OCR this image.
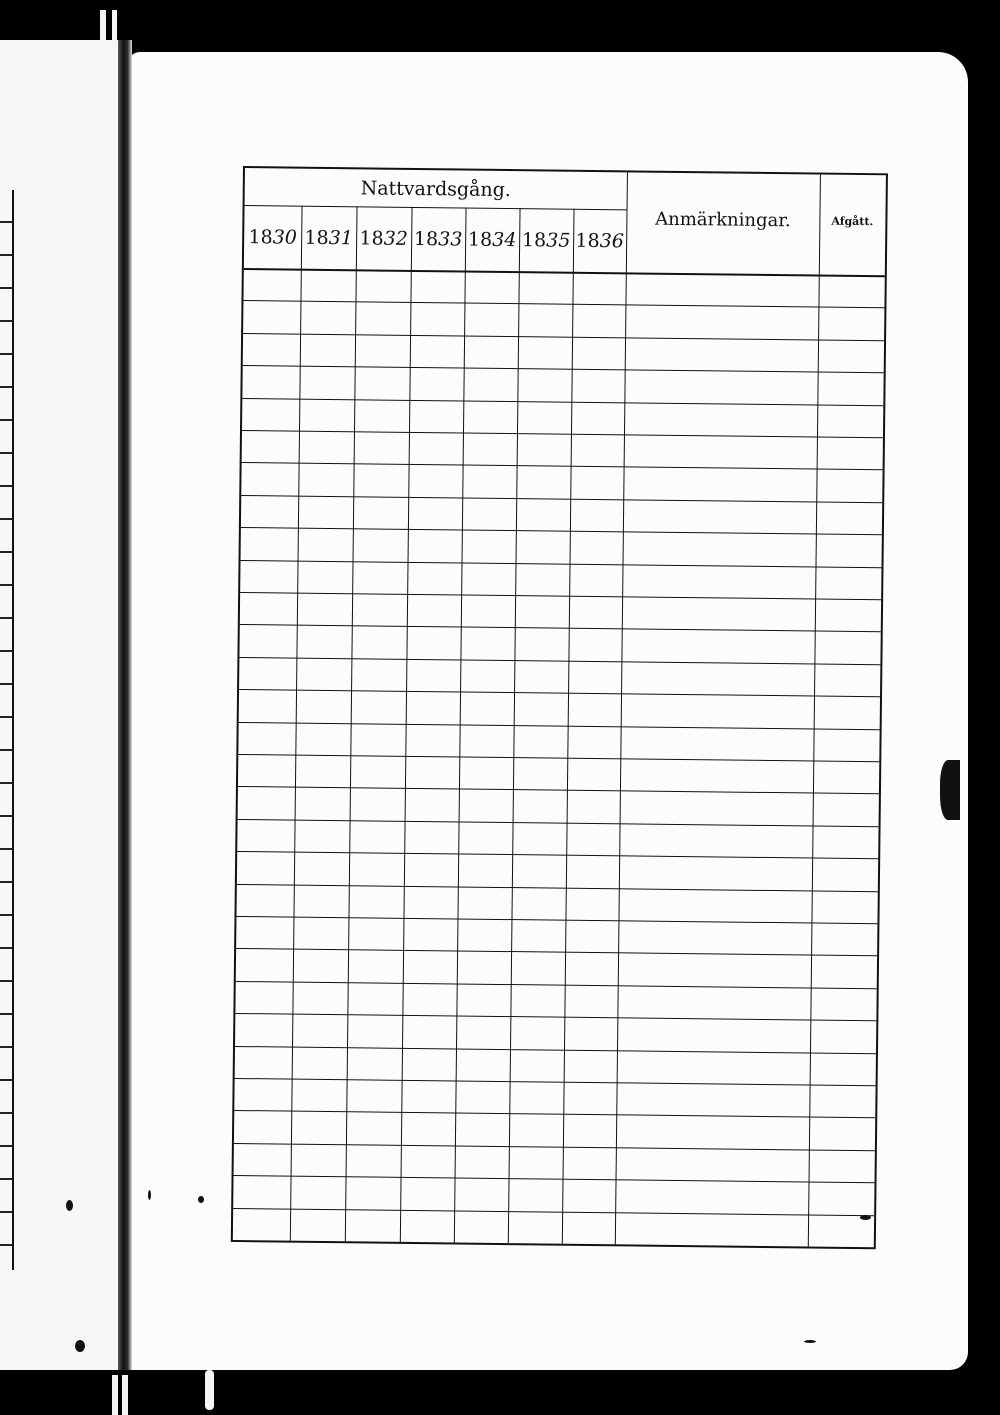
Nattvardsgång.
Anmärkningar.	Afgått.
18 30 18 31 18 32 18 33 18 34 18 35 18 36
